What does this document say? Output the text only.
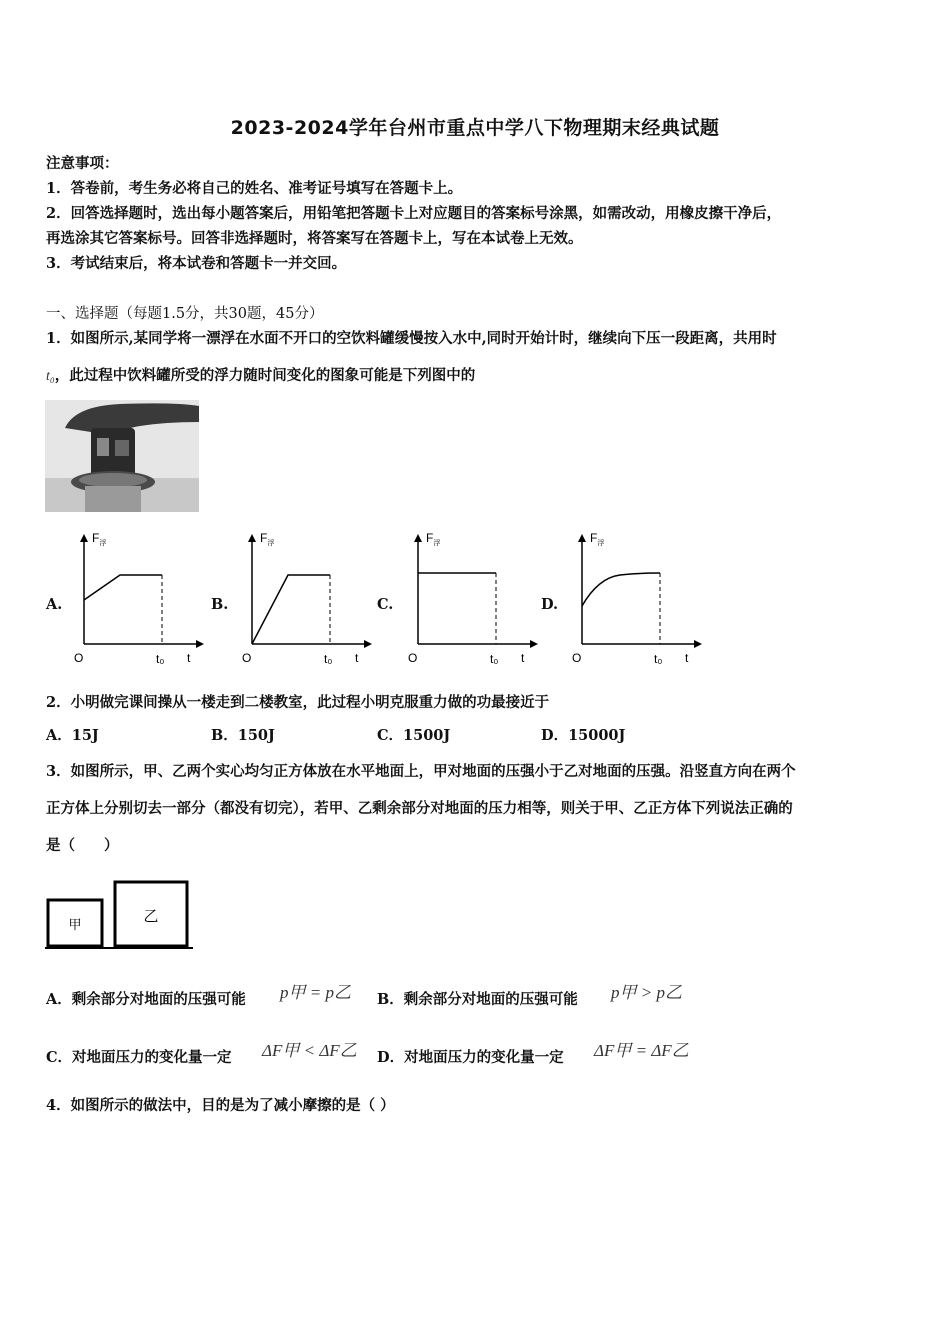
2023-2024学年台州市重点中学八下物理期末经典试题
注意事项：
1．答卷前，考生务必将自己的姓名、准考证号填写在答题卡上。
2．回答选择题时，选出每小题答案后，用铅笔把答题卡上对应题目的答案标号涂黑，如需改动，用橡皮擦干净后，
再选涂其它答案标号。回答非选择题时，将答案写在答题卡上，写在本试卷上无效。
3．考试结束后，将本试卷和答题卡一并交回。
一、选择题（每题1.5分，共30题，45分）
1．如图所示,某同学将一漂浮在水面不开口的空饮料罐缓慢按入水中,同时开始计时，继续向下压一段距离，共用时
t₀，此过程中饮料罐所受的浮力随时间变化的图象可能是下列图中的
A.
$F_浮$
O	t₀ t
B.
$F_浮$
O	t₀ t
C.
$F_浮$
O	t₀ t
D.
$F_浮$
O	t₀ t
2．小明做完课间操从一楼走到二楼教室，此过程小明克服重力做的功最接近于
A．15J	B．150J	C．1500J	D．15000J
3．如图所示，甲、乙两个实心均匀正方体放在水平地面上，甲对地面的压强小于乙对地面的压强。沿竖直方向在两个
正方体上分别切去一部分（都没有切完），若甲、乙剩余部分对地面的压力相等，则关于甲、乙正方体下列说法正确的
是（　　）
甲	乙
A．剩余部分对地面的压强可能 p甲 = p乙 B．剩余部分对地面的压强可能 p甲 > p乙
C．对地面压力的变化量一定 ΔF甲 < ΔF乙 D．对地面压力的变化量一定 ΔF甲 = ΔF乙
4．如图所示的做法中，目的是为了减小摩擦的是（ ）
